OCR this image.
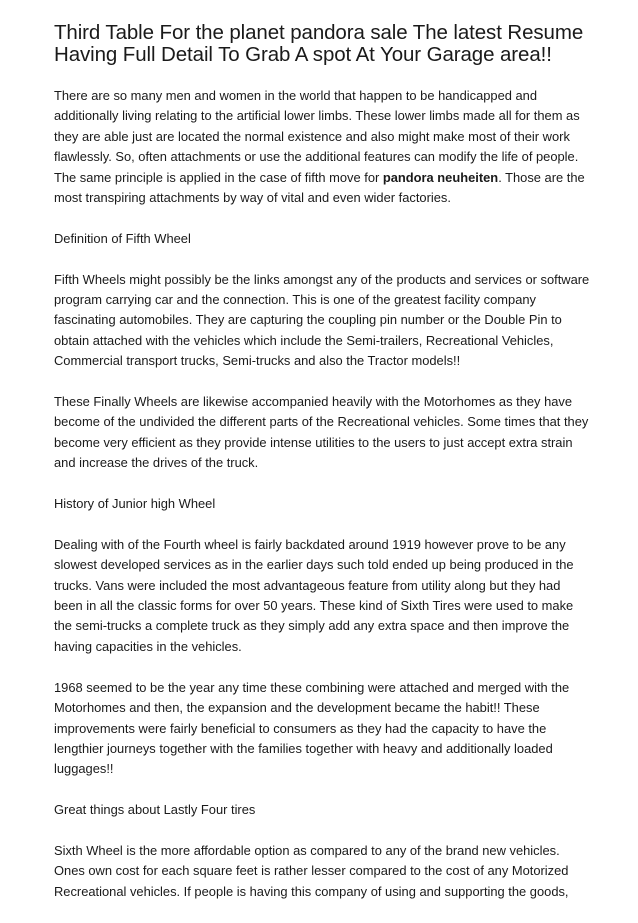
Third Table For the planet pandora sale The latest Resume Having Full Detail To Grab A spot At Your Garage area!!

There are so many men and women in the world that happen to be handicapped and additionally living relating to the artificial lower limbs. These lower limbs made all for them as they are able just are located the normal existence and also might make most of their work flawlessly. So, often attachments or use the additional features can modify the life of people. The same principle is applied in the case of fifth move for pandora neuheiten. Those are the most transpiring attachments by way of vital and even wider factories.

Definition of Fifth Wheel

Fifth Wheels might possibly be the links amongst any of the products and services or software program carrying car and the connection. This is one of the greatest facility company fascinating automobiles. They are capturing the coupling pin number or the Double Pin to obtain attached with the vehicles which include the Semi-trailers, Recreational Vehicles, Commercial transport trucks, Semi-trucks and also the Tractor models!!

These Finally Wheels are likewise accompanied heavily with the Motorhomes as they have become of the undivided the different parts of the Recreational vehicles. Some times that they become very efficient as they provide intense utilities to the users to just accept extra strain and increase the drives of the truck.

History of Junior high Wheel

Dealing with of the Fourth wheel is fairly backdated around 1919 however prove to be any slowest developed services as in the earlier days such told ended up being produced in the trucks. Vans were included the most advantageous feature from utility along but they had been in all the classic forms for over 50 years. These kind of Sixth Tires were used to make the semi-trucks a complete truck as they simply add any extra space and then improve the having capacities in the vehicles.

1968 seemed to be the year any time these combining were attached and merged with the Motorhomes and then, the expansion and the development became the habit!! These improvements were fairly beneficial to consumers as they had the capacity to have the lengthier journeys together with the families together with heavy and additionally loaded luggages!!

Great things about Lastly Four tires

Sixth Wheel is the more affordable option as compared to any of the brand new vehicles. Ones own cost for each square feet is rather lesser compared to the cost of any Motorized Recreational vehicles. If people is having this company of using and supporting the goods,
